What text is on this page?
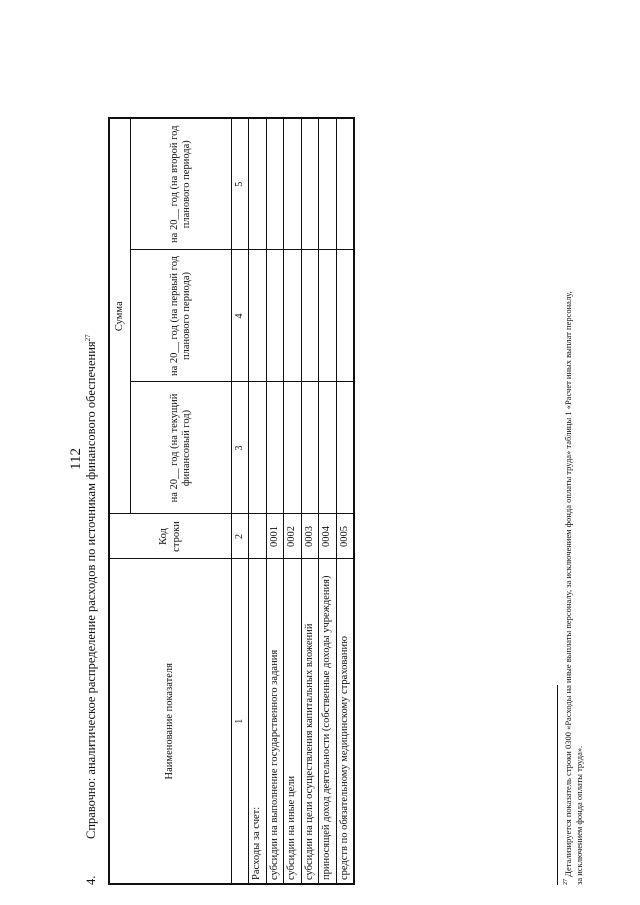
112
4.Справочно: аналитическое распределение расходов по источникам финансового обеспечения$^{27}$
Наименование показателя	Код строки	Сумма		
		на 20__ год (на текущий финансовый год)	на 20__ год (на первый год планового периода)	на 20__ год (на второй год планового периода)
1	2	3	4	5
Расходы за счет:				
субсидии на выполнение государственного задания	0001			
субсидии на иные цели	0002			
субсидии на цели осуществления капитальных вложений	0003			
приносящей доход деятельности (собственные доходы учреждения)	0004			
средств по обязательному медицинскому страхованию	0005			
$^{27}$ Детализируется показатель строки 0300 «Расходы на иные выплаты персоналу, за исключением фонда оплаты труда» таблицы 1 «Расчет иных выплат персоналу, за исключением фонда оплаты труда».
